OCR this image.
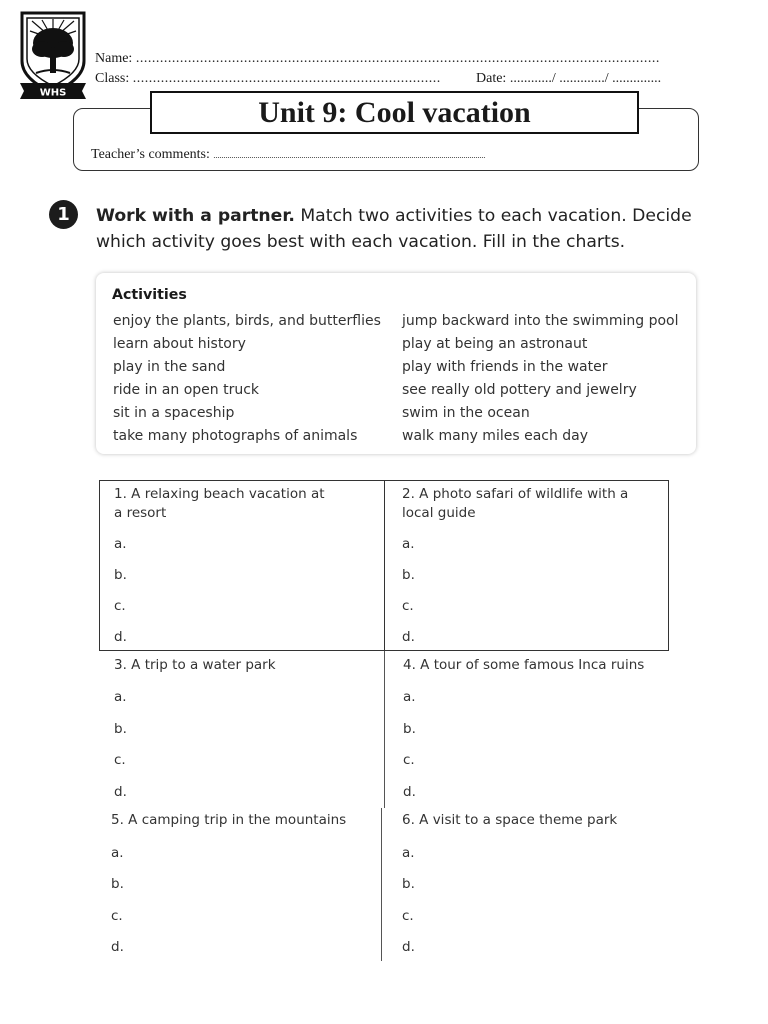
WHS
Name: ...................................................................................................................................
Class: .............................................................................	Date: ............/ ............./ ..............
Unit 9: Cool vacation
Teacher’s comments: ........................................................................................................................................
1	Work with a partner. Match two activities to each vacation. Decide which activity goes best with each vacation. Fill in the charts.
Activities
enjoy the plants, birds, and butterflies
learn about history
play in the sand
ride in an open truck
sit in a spaceship
take many photographs of animals
jump backward into the swimming pool
play at being an astronaut
play with friends in the water
see really old pottery and jewelry
swim in the ocean
walk many miles each day
1. A relaxing beach vacation at
a resort
a.
b.
c.
d.
2. A photo safari of wildlife with a
local guide
a.
b.
c.
d.
3. A trip to a water park
a.
b.
c.
d.
4. A tour of some famous Inca ruins
a.
b.
c.
d.
5. A camping trip in the mountains
a.
b.
c.
d.
6. A visit to a space theme park
a.
b.
c.
d.
